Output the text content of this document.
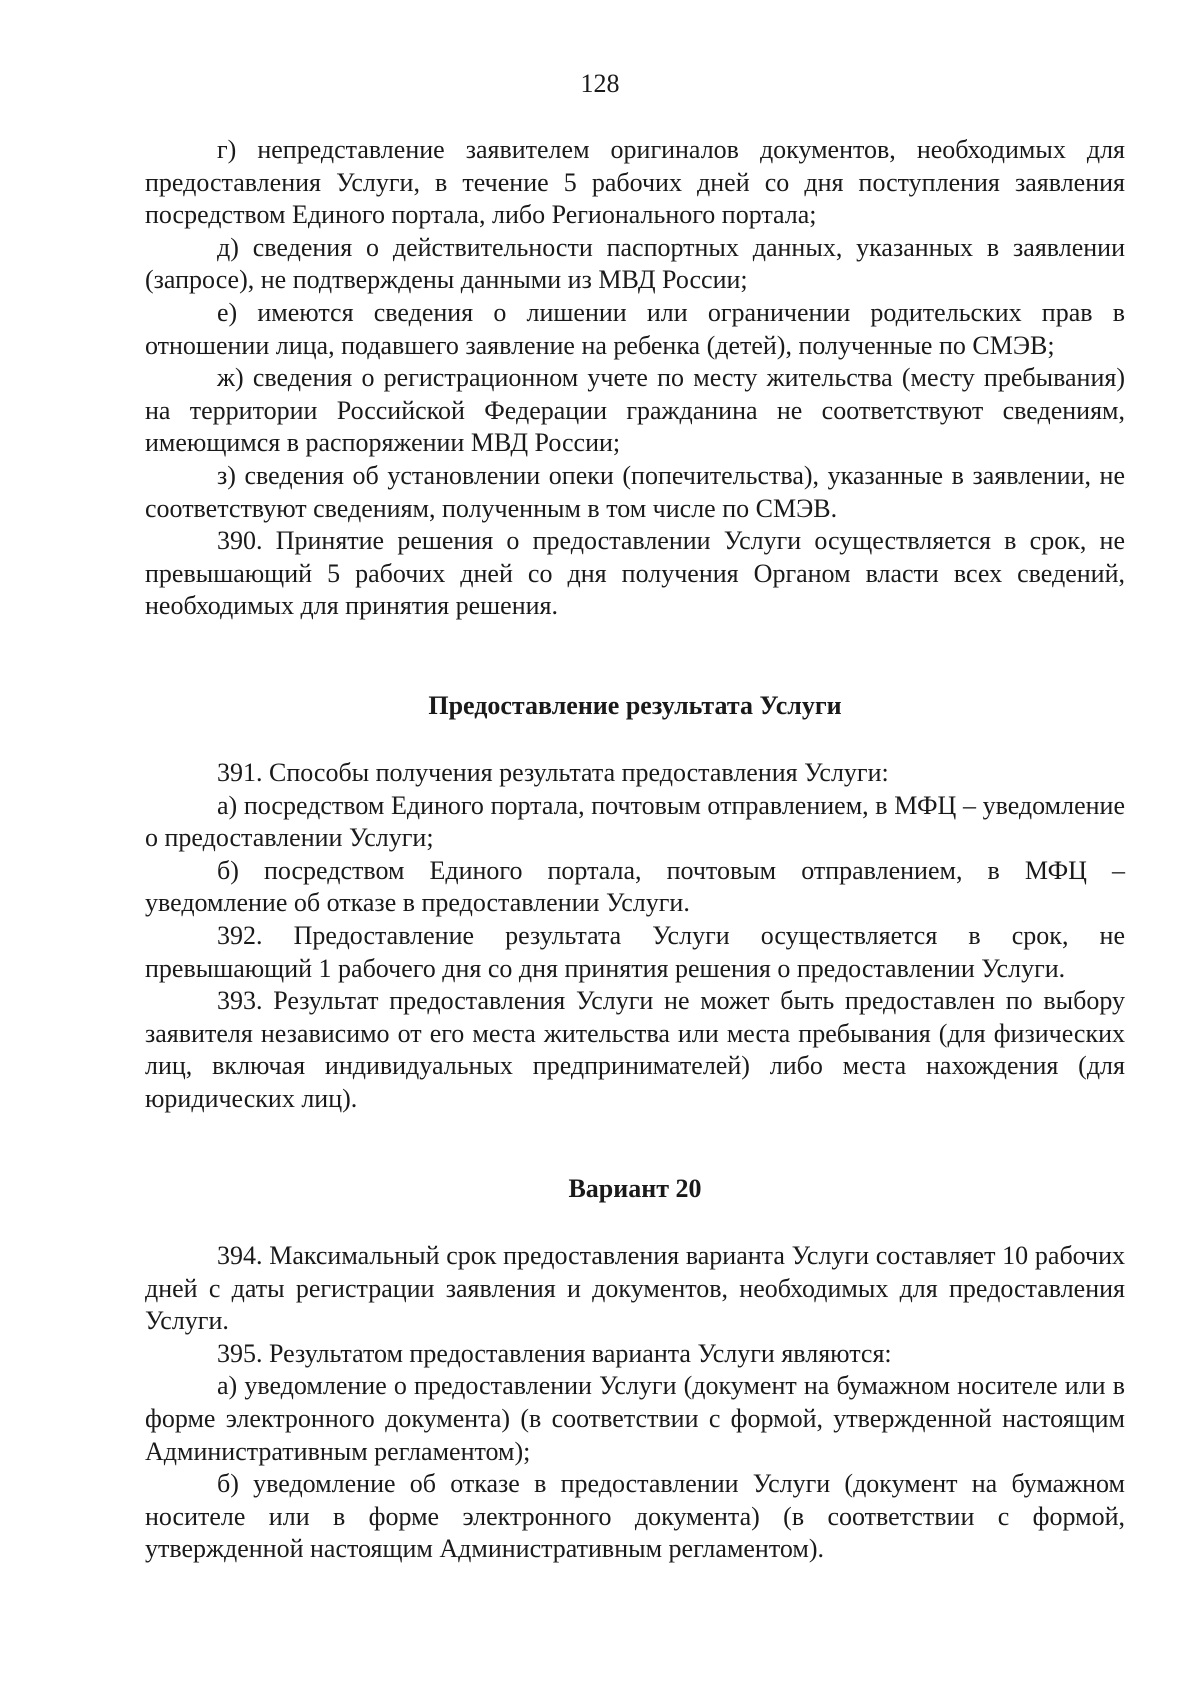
128

г) непредставление заявителем оригиналов документов, необходимых для предоставления Услуги, в течение 5 рабочих дней со дня поступления заявления посредством Единого портала, либо Регионального портала;

д) сведения о действительности паспортных данных, указанных в заявлении (запросе), не подтверждены данными из МВД России;

е) имеются сведения о лишении или ограничении родительских прав в отношении лица, подавшего заявление на ребенка (детей), полученные по СМЭВ;

ж) сведения о регистрационном учете по месту жительства (месту пребывания) на территории Российской Федерации гражданина не соответствуют сведениям, имеющимся в распоряжении МВД России;

з) сведения об установлении опеки (попечительства), указанные в заявлении, не соответствуют сведениям, полученным в том числе по СМЭВ.

390. Принятие решения о предоставлении Услуги осуществляется в срок, не превышающий 5 рабочих дней со дня получения Органом власти всех сведений, необходимых для принятия решения.

Предоставление результата Услуги

391. Способы получения результата предоставления Услуги:

а) посредством Единого портала, почтовым отправлением, в МФЦ – уведомление о предоставлении Услуги;

б) посредством Единого портала, почтовым отправлением, в МФЦ – уведомление об отказе в предоставлении Услуги.

392. Предоставление результата Услуги осуществляется в срок, не превышающий 1 рабочего дня со дня принятия решения о предоставлении Услуги.

393. Результат предоставления Услуги не может быть предоставлен по выбору заявителя независимо от его места жительства или места пребывания (для физических лиц, включая индивидуальных предпринимателей) либо места нахождения (для юридических лиц).

Вариант 20

394. Максимальный срок предоставления варианта Услуги составляет 10 рабочих дней с даты регистрации заявления и документов, необходимых для предоставления Услуги.

395. Результатом предоставления варианта Услуги являются:

а) уведомление о предоставлении Услуги (документ на бумажном носителе или в форме электронного документа) (в соответствии с формой, утвержденной настоящим Административным регламентом);

б) уведомление об отказе в предоставлении Услуги (документ на бумажном носителе или в форме электронного документа) (в соответствии с формой, утвержденной настоящим Административным регламентом).
